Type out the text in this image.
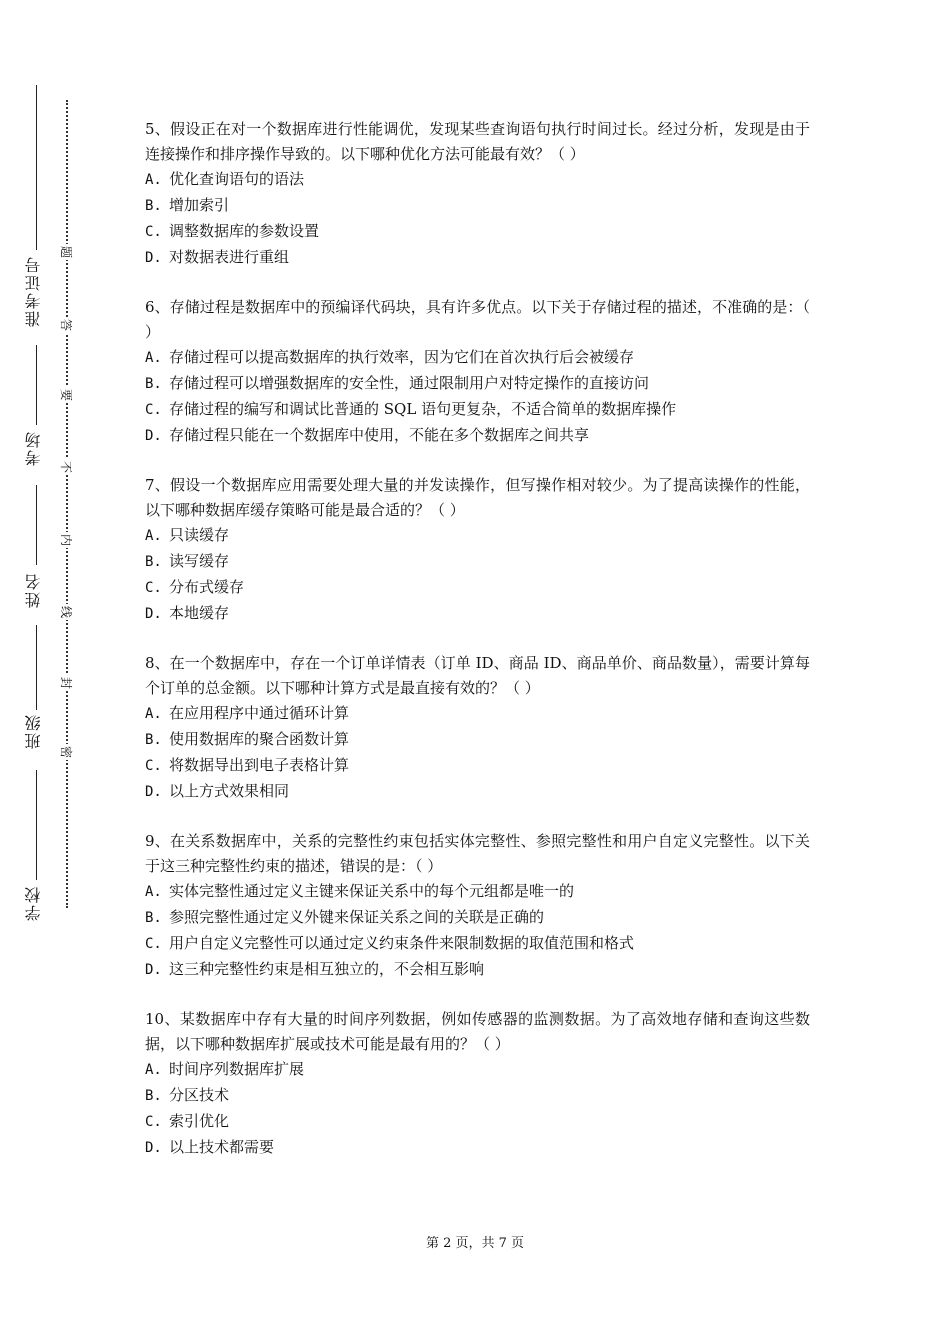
准考证号
考场
姓名
班级
学校
题
答
要
不
内
线
封
密
5、假设正在对一个数据库进行性能调优，发现某些查询语句执行时间过长。经过分析，发现是由于连接操作和排序操作导致的。以下哪种优化方法可能最有效？（ ）
A. 优化查询语句的语法
B. 增加索引
C. 调整数据库的参数设置
D. 对数据表进行重组
6、存储过程是数据库中的预编译代码块，具有许多优点。以下关于存储过程的描述，不准确的是：（ ）
A. 存储过程可以提高数据库的执行效率，因为它们在首次执行后会被缓存
B. 存储过程可以增强数据库的安全性，通过限制用户对特定操作的直接访问
C. 存储过程的编写和调试比普通的 SQL 语句更复杂，不适合简单的数据库操作
D. 存储过程只能在一个数据库中使用，不能在多个数据库之间共享
7、假设一个数据库应用需要处理大量的并发读操作，但写操作相对较少。为了提高读操作的性能，以下哪种数据库缓存策略可能是最合适的？（ ）
A. 只读缓存
B. 读写缓存
C. 分布式缓存
D. 本地缓存
8、在一个数据库中，存在一个订单详情表（订单 ID、商品 ID、商品单价、商品数量），需要计算每个订单的总金额。以下哪种计算方式是最直接有效的？（ ）
A. 在应用程序中通过循环计算
B. 使用数据库的聚合函数计算
C. 将数据导出到电子表格计算
D. 以上方式效果相同
9、在关系数据库中，关系的完整性约束包括实体完整性、参照完整性和用户自定义完整性。以下关于这三种完整性约束的描述，错误的是：（ ）
A. 实体完整性通过定义主键来保证关系中的每个元组都是唯一的
B. 参照完整性通过定义外键来保证关系之间的关联是正确的
C. 用户自定义完整性可以通过定义约束条件来限制数据的取值范围和格式
D. 这三种完整性约束是相互独立的，不会相互影响
10、某数据库中存有大量的时间序列数据，例如传感器的监测数据。为了高效地存储和查询这些数据，以下哪种数据库扩展或技术可能是最有用的？（ ）
A. 时间序列数据库扩展
B. 分区技术
C. 索引优化
D. 以上技术都需要
第 2 页，共 7 页
